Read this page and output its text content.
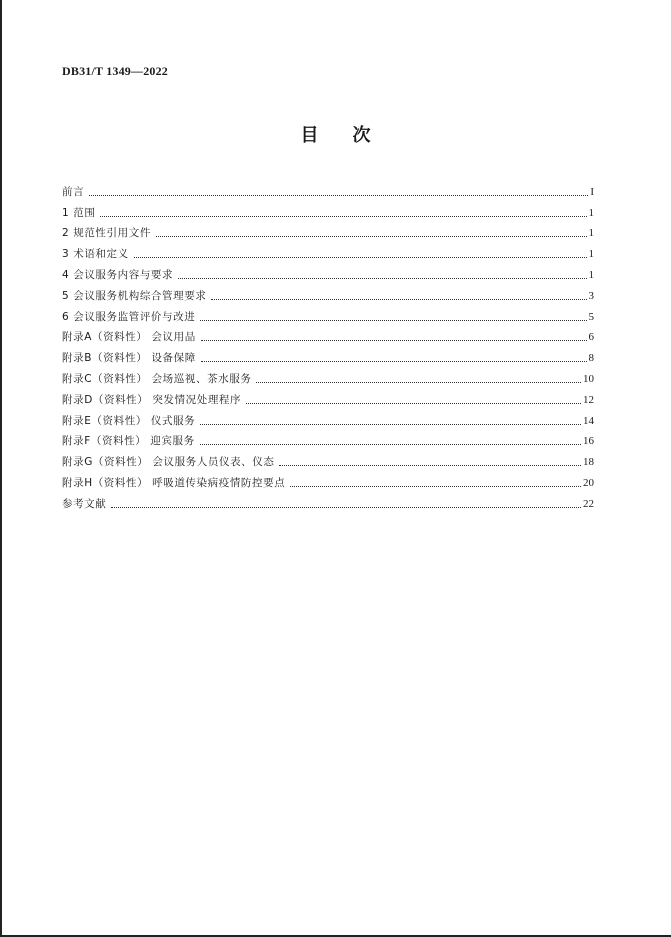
DB31/T 1349—2022
目次
前言	I
1 范围	1
2 规范性引用文件	1
3 术语和定义	1
4 会议服务内容与要求	1
5 会议服务机构综合管理要求	3
6 会议服务监管评价与改进	5
附录A（资料性） 会议用品	6
附录B（资料性） 设备保障	8
附录C（资料性） 会场巡视、茶水服务	10
附录D（资料性） 突发情况处理程序	12
附录E（资料性） 仪式服务	14
附录F（资料性） 迎宾服务	16
附录G（资料性） 会议服务人员仪表、仪态	18
附录H（资料性） 呼吸道传染病疫情防控要点	20
参考文献	22
